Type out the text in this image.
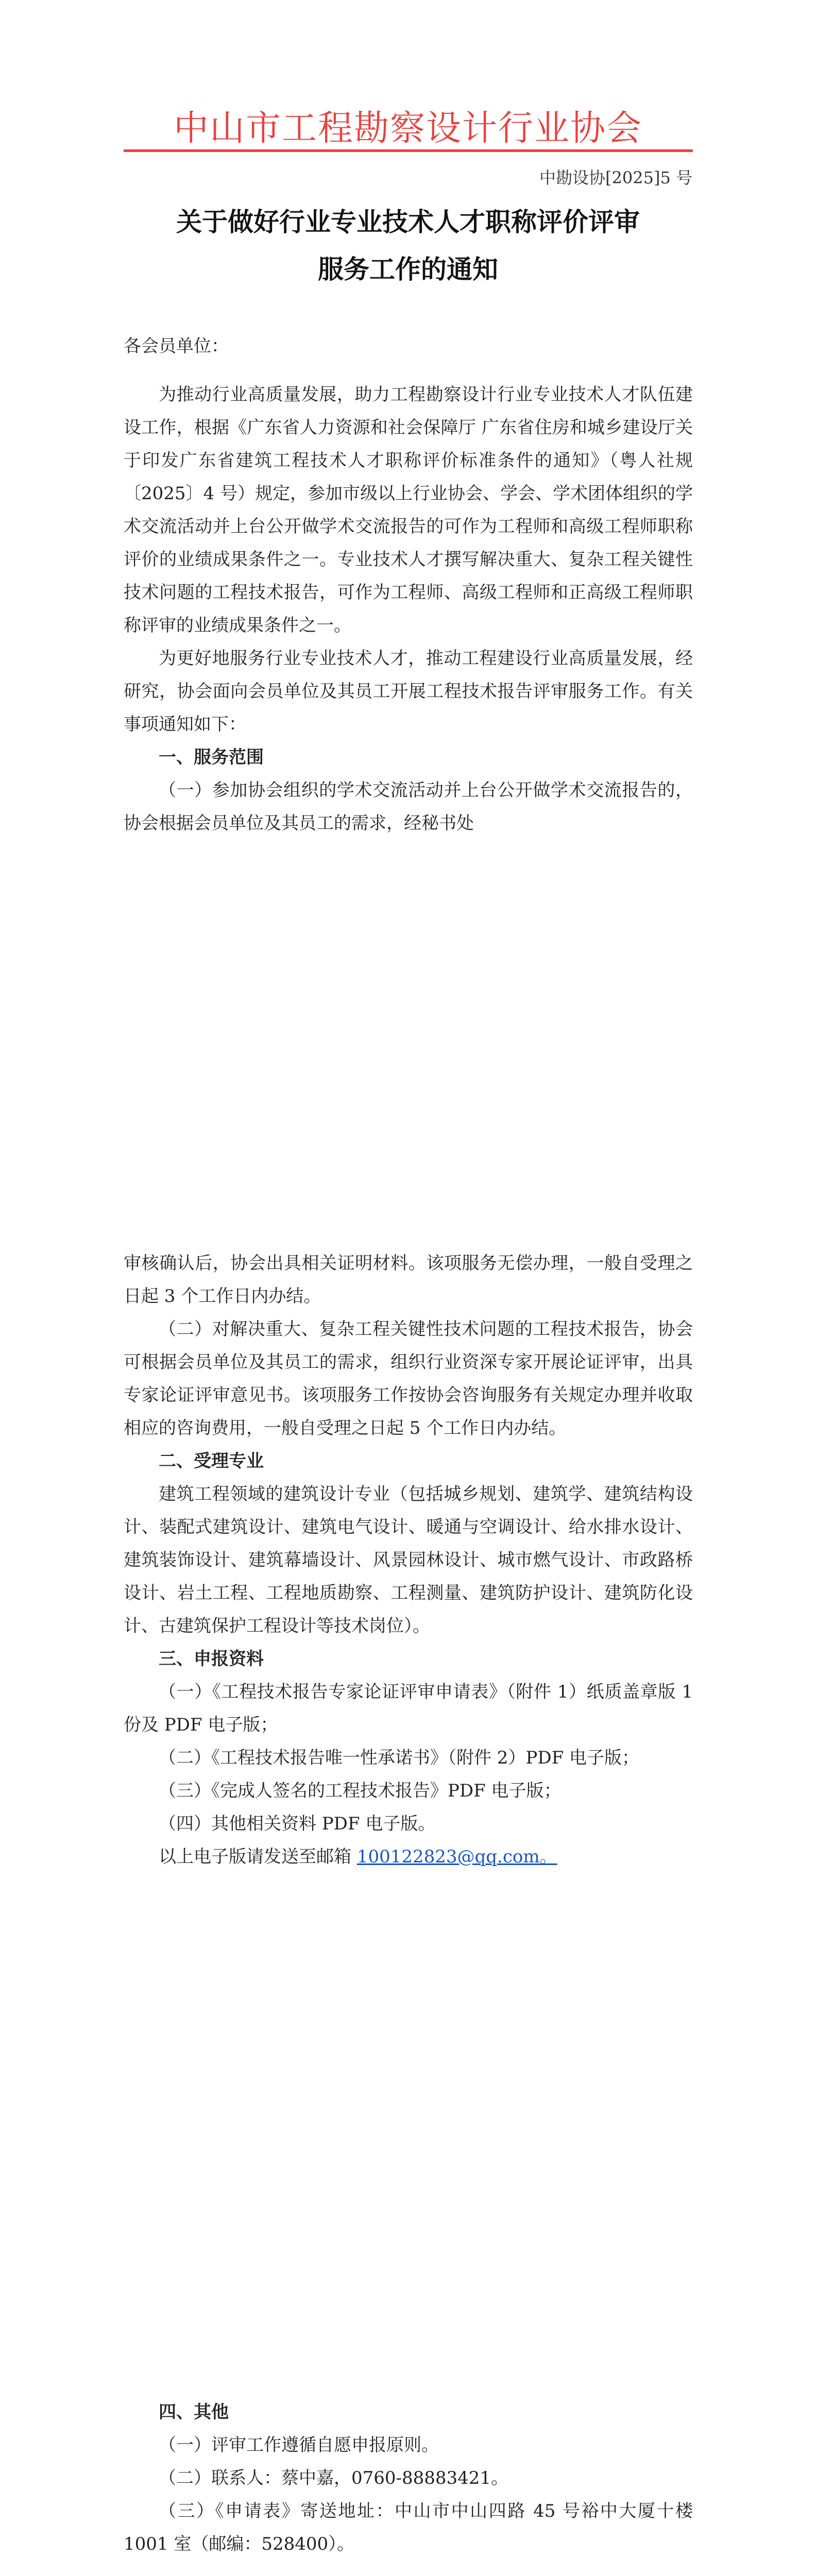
中山市工程勘察设计行业协会
中勘设协[2025]5 号
关于做好行业专业技术人才职称评价评审
服务工作的通知

各会员单位：

为推动行业高质量发展，助力工程勘察设计行业专业技术人才队伍建设工作，根据《广东省人力资源和社会保障厅 广东省住房和城乡建设厅关于印发广东省建筑工程技术人才职称评价标准条件的通知》（粤人社规〔2025〕4 号）规定，参加市级以上行业协会、学会、学术团体组织的学术交流活动并上台公开做学术交流报告的可作为工程师和高级工程师职称评价的业绩成果条件之一。专业技术人才撰写解决重大、复杂工程关键性技术问题的工程技术报告，可作为工程师、高级工程师和正高级工程师职称评审的业绩成果条件之一。

为更好地服务行业专业技术人才，推动工程建设行业高质量发展，经研究，协会面向会员单位及其员工开展工程技术报告评审服务工作。有关事项通知如下：

一、服务范围

（一）参加协会组织的学术交流活动并上台公开做学术交流报告的，协会根据会员单位及其员工的需求，经秘书处

审核确认后，协会出具相关证明材料。该项服务无偿办理，一般自受理之日起 3 个工作日内办结。

（二）对解决重大、复杂工程关键性技术问题的工程技术报告，协会可根据会员单位及其员工的需求，组织行业资深专家开展论证评审，出具专家论证评审意见书。该项服务工作按协会咨询服务有关规定办理并收取相应的咨询费用，一般自受理之日起 5 个工作日内办结。

二、受理专业

建筑工程领域的建筑设计专业（包括城乡规划、建筑学、建筑结构设计、装配式建筑设计、建筑电气设计、暖通与空调设计、给水排水设计、建筑装饰设计、建筑幕墙设计、风景园林设计、城市燃气设计、市政路桥设计、岩土工程、工程地质勘察、工程测量、建筑防护设计、建筑防化设计、古建筑保护工程设计等技术岗位）。

三、申报资料

（一）《工程技术报告专家论证评审申请表》（附件 1）纸质盖章版 1 份及 PDF 电子版；

（二）《工程技术报告唯一性承诺书》（附件 2）PDF 电子版；

（三）《完成人签名的工程技术报告》PDF 电子版；

（四）其他相关资料 PDF 电子版。

以上电子版请发送至邮箱 100122823@qq.com。

四、其他

（一）评审工作遵循自愿申报原则。

（二）联系人：蔡中嘉，0760-88883421。

（三）《申请表》寄送地址：中山市中山四路 45 号裕中大厦十楼 1001 室（邮编：528400）。
